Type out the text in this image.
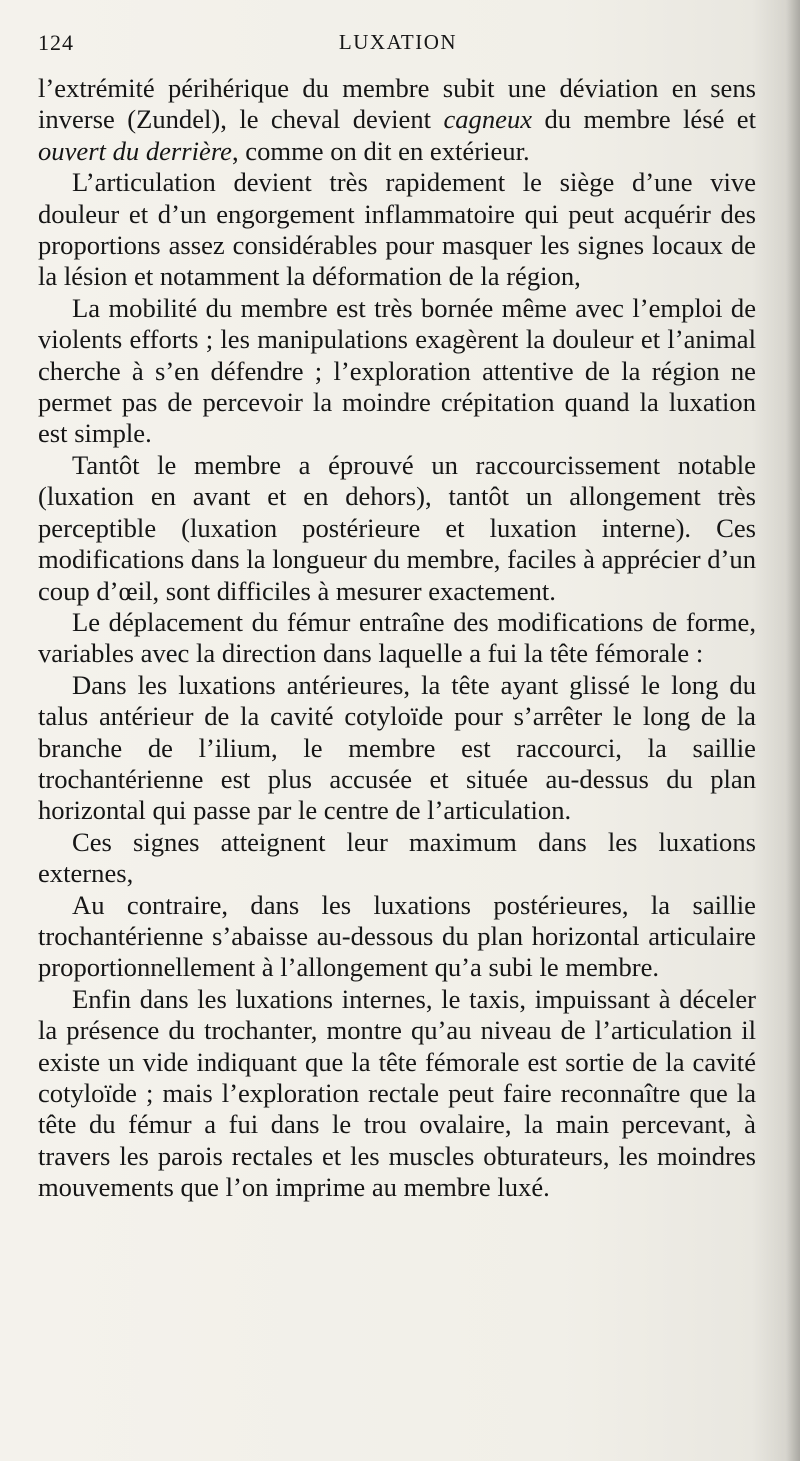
124	LUXATION

l’extrémité périhérique du membre subit une déviation en sens inverse (Zundel), le cheval devient cagneux du membre lésé et ouvert du derrière, comme on dit en extérieur.

L’articulation devient très rapidement le siège d’une vive douleur et d’un engorgement inflammatoire qui peut acquérir des proportions assez considérables pour masquer les signes locaux de la lésion et notamment la déformation de la région,

La mobilité du membre est très bornée même avec l’emploi de violents efforts ; les manipulations exagèrent la douleur et l’animal cherche à s’en défendre ; l’exploration attentive de la région ne permet pas de percevoir la moindre crépitation quand la luxation est simple.

Tantôt le membre a éprouvé un raccourcissement notable (luxation en avant et en dehors), tantôt un allongement très perceptible (luxation postérieure et luxation interne). Ces modifications dans la longueur du membre, faciles à apprécier d’un coup d’œil, sont difficiles à mesurer exactement.

Le déplacement du fémur entraîne des modifications de forme, variables avec la direction dans laquelle a fui la tête fémorale :

Dans les luxations antérieures, la tête ayant glissé le long du talus antérieur de la cavité cotyloïde pour s’arrêter le long de la branche de l’ilium, le membre est raccourci, la saillie trochantérienne est plus accusée et située au-dessus du plan horizontal qui passe par le centre de l’articulation.

Ces signes atteignent leur maximum dans les luxations externes,

Au contraire, dans les luxations postérieures, la saillie trochantérienne s’abaisse au-dessous du plan horizontal articulaire proportionnellement à l’allongement qu’a subi le membre.

Enfin dans les luxations internes, le taxis, impuissant à déceler la présence du trochanter, montre qu’au niveau de l’articulation il existe un vide indiquant que la tête fémorale est sortie de la cavité cotyloïde ; mais l’exploration rectale peut faire reconnaître que la tête du fémur a fui dans le trou ovalaire, la main percevant, à travers les parois rectales et les muscles obturateurs, les moindres mouvements que l’on imprime au membre luxé.
